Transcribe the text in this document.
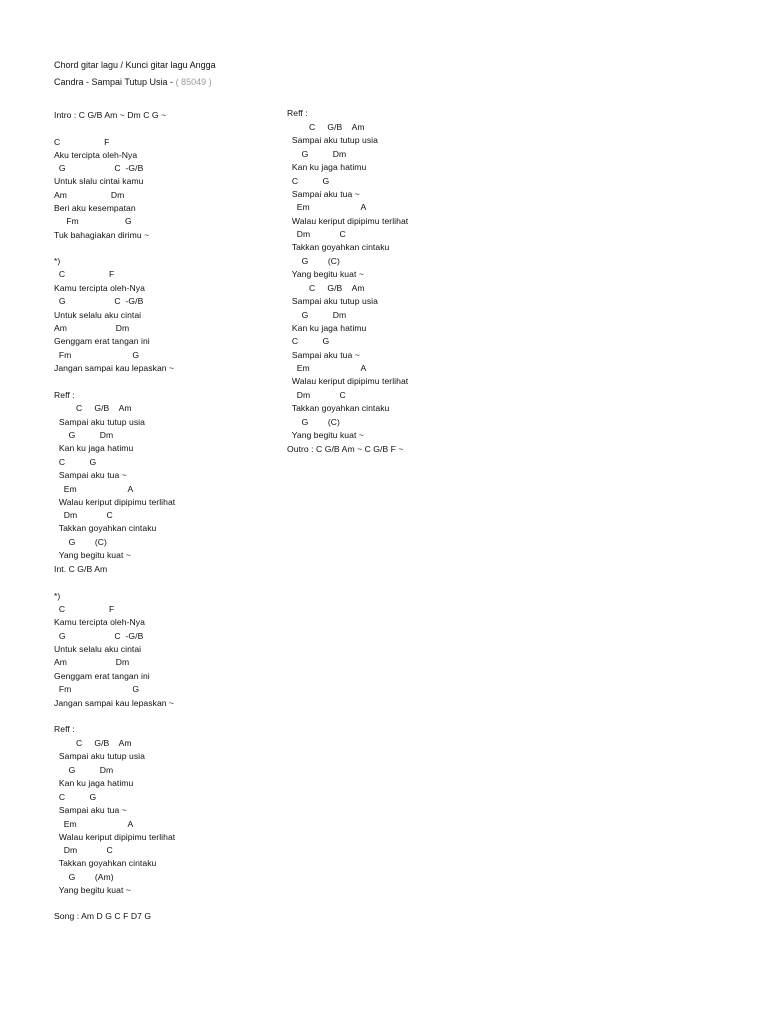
Chord gitar lagu / Kunci gitar lagu Angga
Candra - Sampai Tutup Usia - ( 85049 )
Intro : C G/B Am ~ Dm C G ~
C                  F
Aku tercipta oleh-Nya
G                    C  -G/B
Untuk slalu cintai kamu
Am                  Dm
Beri aku kesempatan
Fm                   G
Tuk bahagiakan dirimu ~
*)
C                  F
Kamu tercipta oleh-Nya
G                    C  -G/B
Untuk selalu aku cintai
Am                    Dm
Genggam erat tangan ini
Fm                         G
Jangan sampai kau lepaskan ~
Reff :
C     G/B    Am
Sampai aku tutup usia
G          Dm
Kan ku jaga hatimu
C          G
Sampai aku tua ~
Em                     A
Walau keriput dipipimu terlihat
Dm            C
Takkan goyahkan cintaku
G        (C)
Yang begitu kuat ~
Int. C G/B Am
*)
C                  F
Kamu tercipta oleh-Nya
G                    C  -G/B
Untuk selalu aku cintai
Am                    Dm
Genggam erat tangan ini
Fm                         G
Jangan sampai kau lepaskan ~
Reff :
C     G/B    Am
Sampai aku tutup usia
G          Dm
Kan ku jaga hatimu
C          G
Sampai aku tua ~
Em                     A
Walau keriput dipipimu terlihat
Dm            C
Takkan goyahkan cintaku
G        (Am)
Yang begitu kuat ~
Song : Am D G C F D7 G
Reff :
C     G/B    Am
Sampai aku tutup usia
G          Dm
Kan ku jaga hatimu
C          G
Sampai aku tua ~
Em                     A
Walau keriput dipipimu terlihat
Dm            C
Takkan goyahkan cintaku
G        (C)
Yang begitu kuat ~
C     G/B    Am
Sampai aku tutup usia
G          Dm
Kan ku jaga hatimu
C          G
Sampai aku tua ~
Em                     A
Walau keriput dipipimu terlihat
Dm            C
Takkan goyahkan cintaku
G        (C)
Yang begitu kuat ~
Outro : C G/B Am ~ C G/B F ~
